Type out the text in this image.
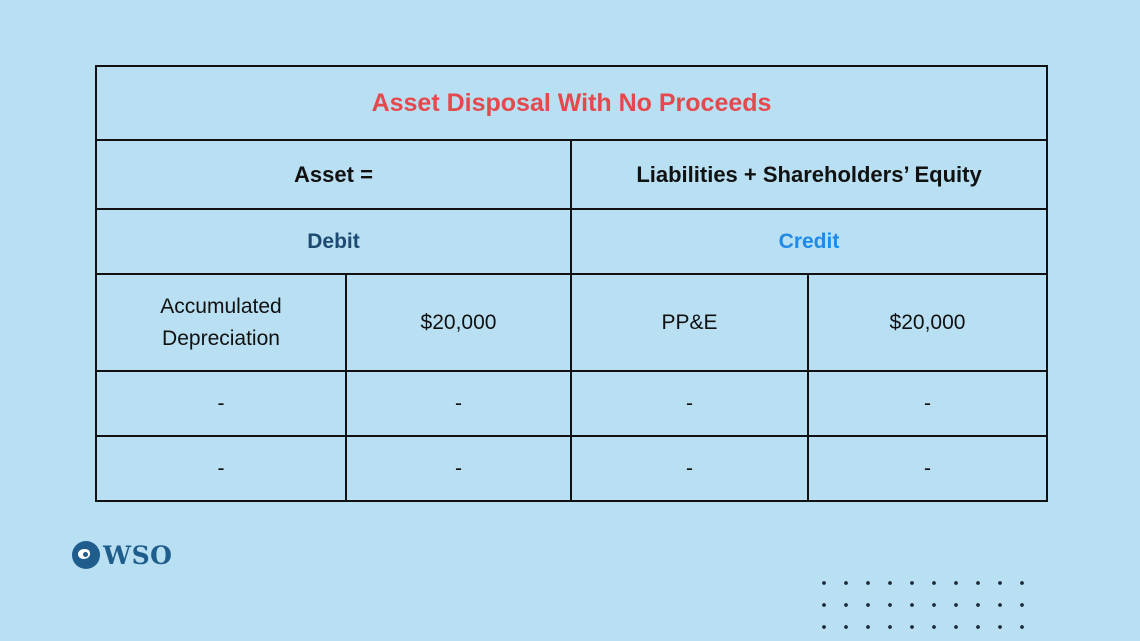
Asset Disposal With No Proceeds			
Asset =		Liabilities + Shareholders’ Equity	
Debit		Credit	
Accumulated Depreciation	$20,000	PP&E	$20,000
-	-	-	-
-	-	-	-
WSO
